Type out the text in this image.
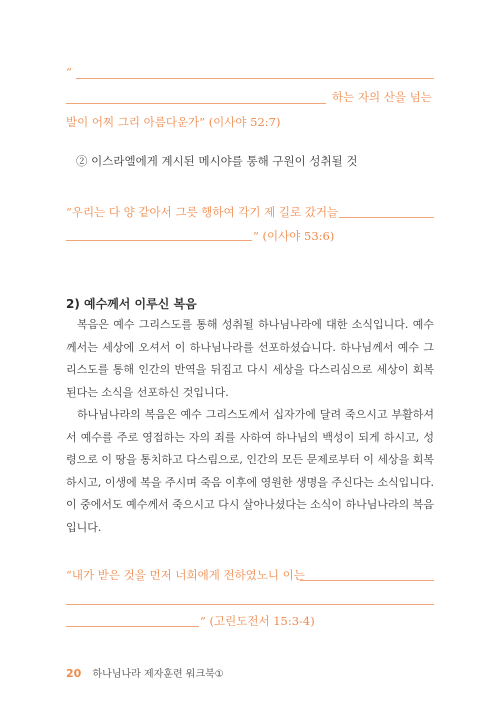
“
하는 자의 산을 넘는
발이 어찌 그리 아름다운가” (이사야 52:7)
② 이스라엘에게 계시된 메시야를 통해 구원이 성취될 것
“우리는 다 양 같아서 그릇 행하여 각기 제 길로 갔거늘
” (이사야 53:6)
2) 예수께서 이루신 복음
복음은 예수 그리스도를 통해 성취될 하나님나라에 대한 소식입니다. 예수께서는 세상에 오셔서 이 하나님나라를 선포하셨습니다. 하나님께서 예수 그리스도를 통해 인간의 반역을 뒤집고 다시 세상을 다스리심으로 세상이 회복된다는 소식을 선포하신 것입니다.
하나님나라의 복음은 예수 그리스도께서 십자가에 달려 죽으시고 부활하셔서 예수를 주로 영접하는 자의 죄를 사하여 하나님의 백성이 되게 하시고, 성령으로 이 땅을 통치하고 다스림으로, 인간의 모든 문제로부터 이 세상을 회복하시고, 이생에 복을 주시며 죽음 이후에 영원한 생명을 주신다는 소식입니다. 이 중에서도 예수께서 죽으시고 다시 살아나셨다는 소식이 하나님나라의 복음입니다.
“내가 받은 것을 먼저 너희에게 전하였노니 이는
” (고린도전서 15:3-4)
20 하나님나라 제자훈련 워크북①
